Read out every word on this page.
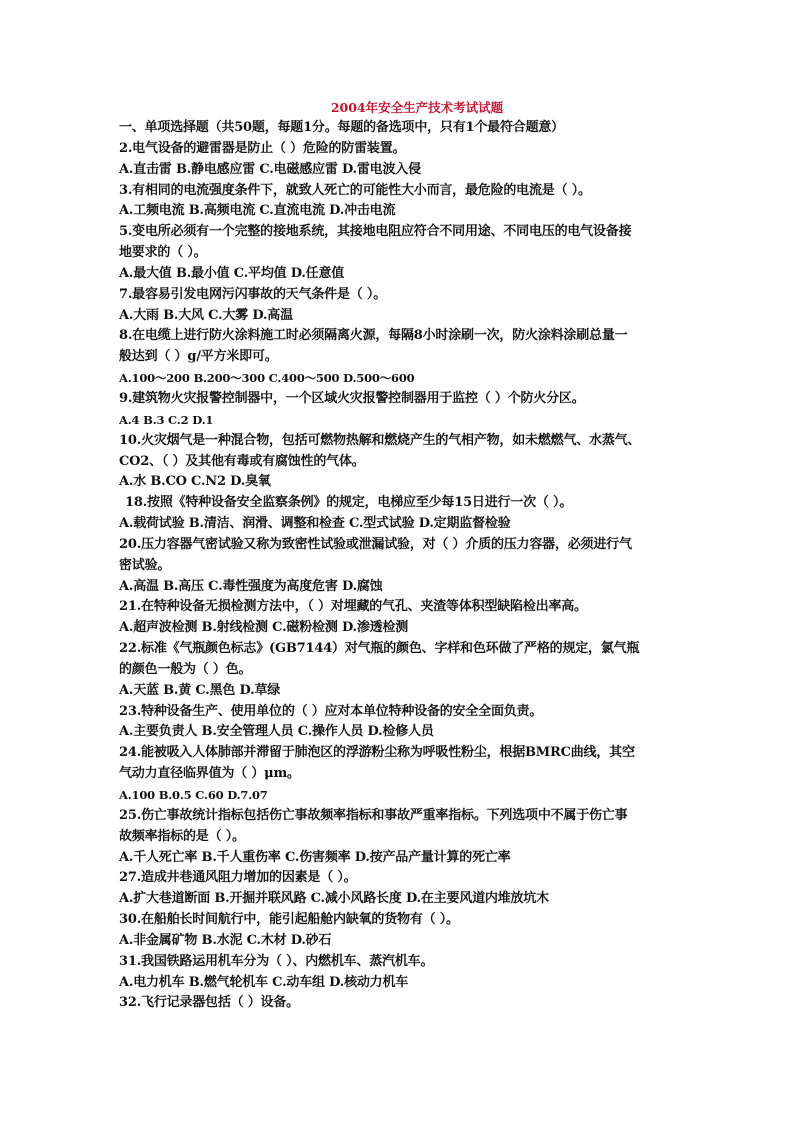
2004年安全生产技术考试试题

一、单项选择题（共50题，每题1分。每题的备选项中，只有1个最符合题意）

2.电气设备的避雷器是防止（ ）危险的防雷装置。

A.直击雷 B.静电感应雷 C.电磁感应雷 D.雷电波入侵

3.有相同的电流强度条件下，就致人死亡的可能性大小而言，最危险的电流是（ ）。

A.工频电流 B.高频电流 C.直流电流 D.冲击电流

5.变电所必须有一个完整的接地系统，其接地电阻应符合不同用途、不同电压的电气设备接

地要求的（ ）。

A.最大值 B.最小值 C.平均值 D.任意值

7.最容易引发电网污闪事故的天气条件是（ ）。

A.大雨 B.大风 C.大雾 D.高温

8.在电缆上进行防火涂料施工时必须隔离火源，每隔8小时涂刷一次，防火涂料涂刷总量一

般达到（ ）g/平方米即可。

A.100～200 B.200～300 C.400～500 D.500～600

9.建筑物火灾报警控制器中，一个区域火灾报警控制器用于监控（ ）个防火分区。

A.4 B.3 C.2 D.1

10.火灾烟气是一种混合物，包括可燃物热解和燃烧产生的气相产物，如未燃燃气、水蒸气、

CO2、（ ）及其他有毒或有腐蚀性的气体。

A.水 B.CO C.N2 D.臭氧

18.按照《特种设备安全监察条例》的规定，电梯应至少每15日进行一次（ ）。

A.载荷试验 B.清洁、润滑、调整和检查 C.型式试验 D.定期监督检验

20.压力容器气密试验又称为致密性试验或泄漏试验，对（ ）介质的压力容器，必须进行气

密试验。

A.高温 B.高压 C.毒性强度为高度危害 D.腐蚀

21.在特种设备无损检测方法中，（ ）对埋藏的气孔、夹渣等体积型缺陷检出率高。

A.超声波检测 B.射线检测 C.磁粉检测 D.渗透检测

22.标准《气瓶颜色标志》(GB7144）对气瓶的颜色、字样和色环做了严格的规定，氯气瓶

的颜色一般为（ ）色。

A.天蓝 B.黄 C.黑色 D.草绿

23.特种设备生产、使用单位的（ ）应对本单位特种设备的安全全面负责。

A.主要负责人 B.安全管理人员 C.操作人员 D.检修人员

24.能被吸入人体肺部并滞留于肺泡区的浮游粉尘称为呼吸性粉尘，根据BMRC曲线，其空

气动力直径临界值为（ ）μm。

A.100 B.0.5 C.60 D.7.07

25.伤亡事故统计指标包括伤亡事故频率指标和事故严重率指标。下列选项中不属于伤亡事

故频率指标的是（ ）。

A.千人死亡率 B.千人重伤率 C.伤害频率 D.按产品产量计算的死亡率

27.造成井巷通风阻力增加的因素是（ ）。

A.扩大巷道断面 B.开掘并联风路 C.减小风路长度 D.在主要风道内堆放坑木

30.在船舶长时间航行中，能引起船舱内缺氧的货物有（ ）。

A.非金属矿物 B.水泥 C.木材 D.砂石

31.我国铁路运用机车分为（ ）、内燃机车、蒸汽机车。

A.电力机车 B.燃气轮机车 C.动车组 D.核动力机车

32.飞行记录器包括（ ）设备。
